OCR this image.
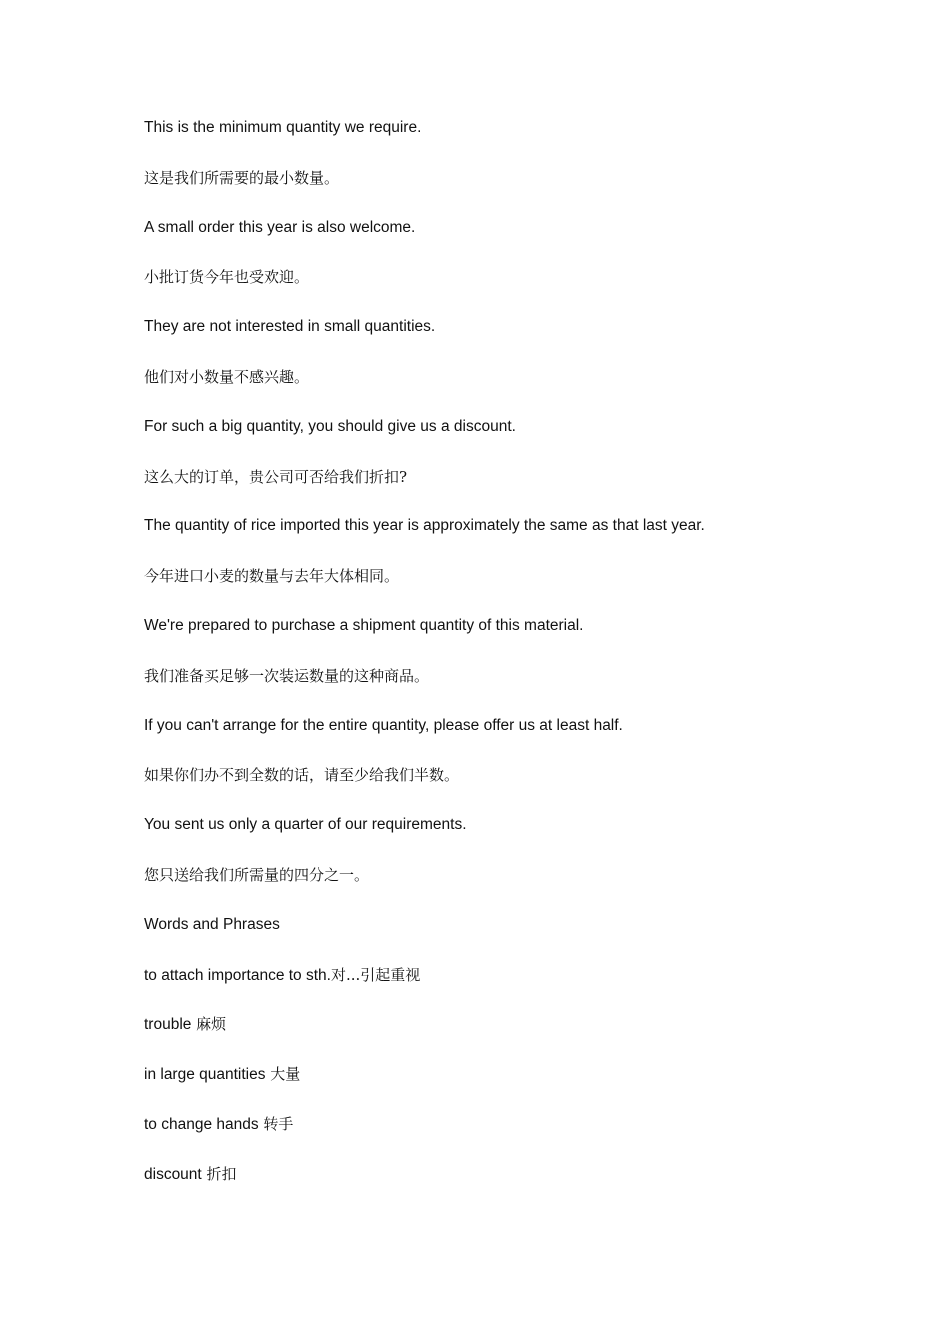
This is the minimum quantity we require.
这是我们所需要的最小数量。
A small order this year is also welcome.
小批订货今年也受欢迎。
They are not interested in small quantities.
他们对小数量不感兴趣。
For such a big quantity, you should give us a discount.
这么大的订单，贵公司可否给我们折扣?
The quantity of rice imported this year is approximately the same as that last year.
今年进口小麦的数量与去年大体相同。
We're prepared to purchase a shipment quantity of this material.
我们准备买足够一次装运数量的这种商品。
If you can't arrange for the entire quantity, please offer us at least half.
如果你们办不到全数的话，请至少给我们半数。
You sent us only a quarter of our requirements.
您只送给我们所需量的四分之一。
Words and Phrases
to attach importance to sth.对...引起重视
trouble 麻烦
in large quantities 大量
to change hands 转手
discount 折扣
